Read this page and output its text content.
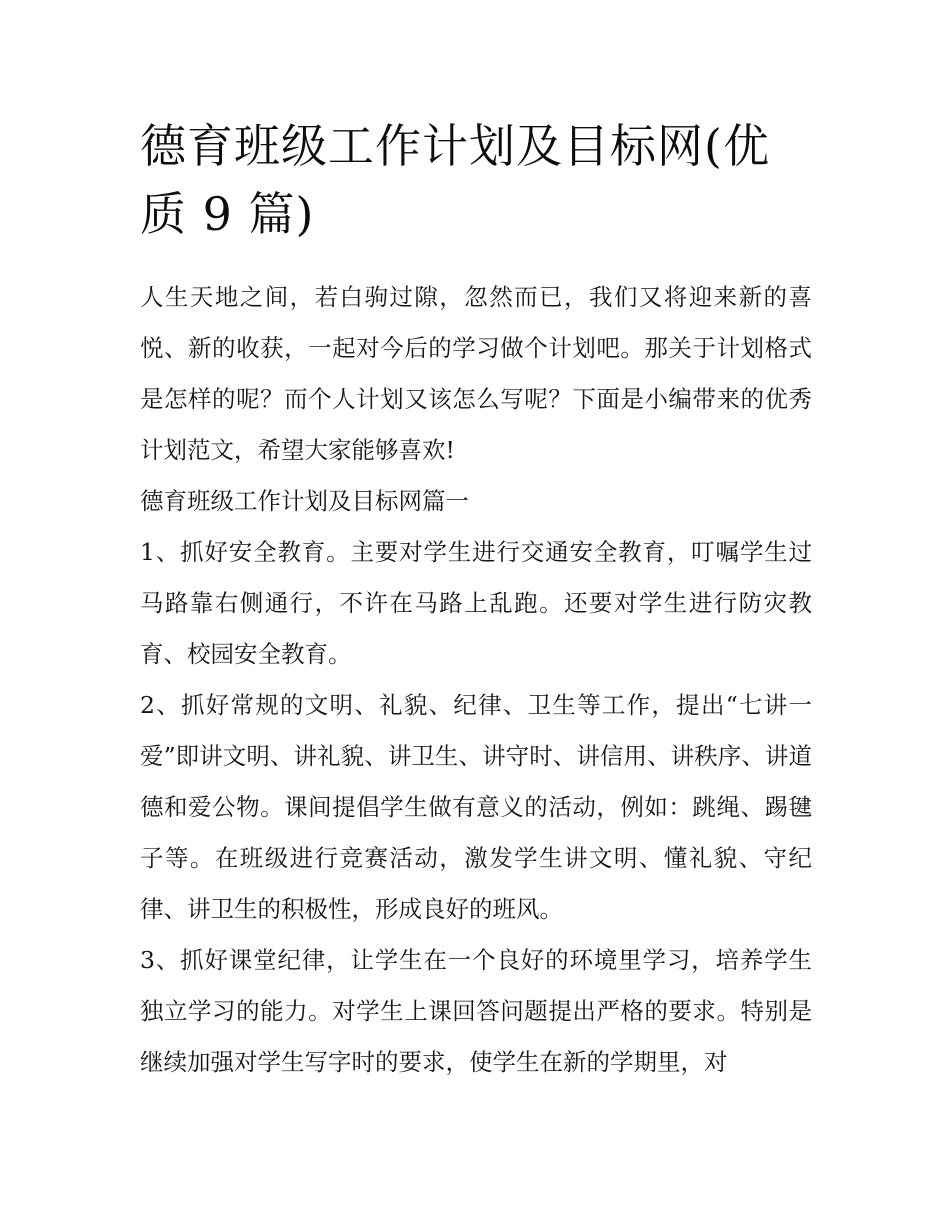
德育班级工作计划及目标网(优质 9 篇)

人生天地之间，若白驹过隙，忽然而已，我们又将迎来新的喜悦、新的收获，一起对今后的学习做个计划吧。那关于计划格式是怎样的呢？而个人计划又该怎么写呢？下面是小编带来的优秀计划范文，希望大家能够喜欢!

德育班级工作计划及目标网篇一

1、抓好安全教育。主要对学生进行交通安全教育，叮嘱学生过马路靠右侧通行，不许在马路上乱跑。还要对学生进行防灾教育、校园安全教育。

2、抓好常规的文明、礼貌、纪律、卫生等工作，提出“七讲一爱”即讲文明、讲礼貌、讲卫生、讲守时、讲信用、讲秩序、讲道德和爱公物。课间提倡学生做有意义的活动，例如：跳绳、踢毽子等。在班级进行竞赛活动，激发学生讲文明、懂礼貌、守纪律、讲卫生的积极性，形成良好的班风。

3、抓好课堂纪律，让学生在一个良好的环境里学习，培养学生独立学习的能力。对学生上课回答问题提出严格的要求。特别是继续加强对学生写字时的要求，使学生在新的学期里，对
